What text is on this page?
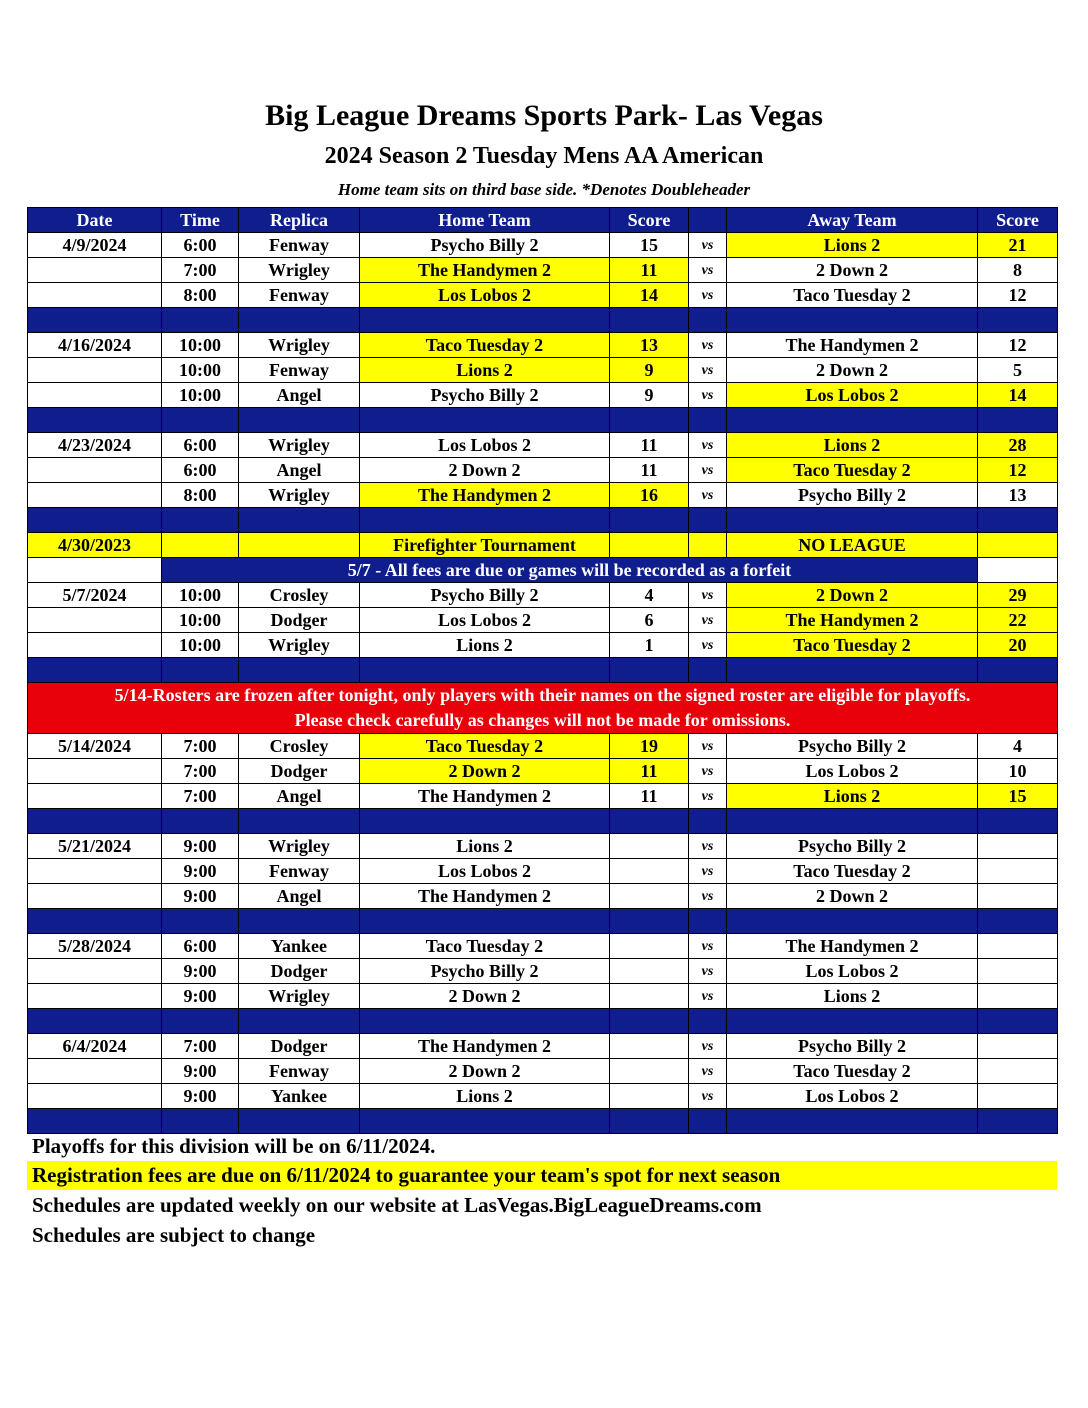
Big League Dreams Sports Park- Las Vegas
2024 Season 2 Tuesday Mens AA American
Home team sits on third base side. *Denotes Doubleheader
Date	Time	Replica	Home Team	Score		Away Team	Score
4/9/2024	6:00	Fenway	Psycho Billy 2	15	vs	Lions 2	21
	7:00	Wrigley	The Handymen 2	11	vs	2 Down 2	8
	8:00	Fenway	Los Lobos 2	14	vs	Taco Tuesday 2	12

4/16/2024	10:00	Wrigley	Taco Tuesday 2	13	vs	The Handymen 2	12
	10:00	Fenway	Lions 2	9	vs	2 Down 2	5
	10:00	Angel	Psycho Billy 2	9	vs	Los Lobos 2	14

4/23/2024	6:00	Wrigley	Los Lobos 2	11	vs	Lions 2	28
	6:00	Angel	2 Down 2	11	vs	Taco Tuesday 2	12
	8:00	Wrigley	The Handymen 2	16	vs	Psycho Billy 2	13

4/30/2023			Firefighter Tournament			NO LEAGUE	
	5/7 - All fees are due or games will be recorded as a forfeit						
5/7/2024	10:00	Crosley	Psycho Billy 2	4	vs	2 Down 2	29
	10:00	Dodger	Los Lobos 2	6	vs	The Handymen 2	22
	10:00	Wrigley	Lions 2	1	vs	Taco Tuesday 2	20

5/14-Rosters are frozen after tonight, only players with their names on the signed roster are eligible for playoffs.
Please check carefully as changes will not be made for omissions.							

5/14/2024	7:00	Crosley	Taco Tuesday 2	19	vs	Psycho Billy 2	4
	7:00	Dodger	2 Down 2	11	vs	Los Lobos 2	10
	7:00	Angel	The Handymen 2	11	vs	Lions 2	15

5/21/2024	9:00	Wrigley	Lions 2		vs	Psycho Billy 2	
	9:00	Fenway	Los Lobos 2		vs	Taco Tuesday 2	
	9:00	Angel	The Handymen 2		vs	2 Down 2	

5/28/2024	6:00	Yankee	Taco Tuesday 2		vs	The Handymen 2	
	9:00	Dodger	Psycho Billy 2		vs	Los Lobos 2	
	9:00	Wrigley	2 Down 2		vs	Lions 2	

6/4/2024	7:00	Dodger	The Handymen 2		vs	Psycho Billy 2	
	9:00	Fenway	2 Down 2		vs	Taco Tuesday 2	
	9:00	Yankee	Lions 2		vs	Los Lobos 2	

Playoffs for this division will be on 6/11/2024.
Registration fees are due on 6/11/2024 to guarantee your team's spot for next season
Schedules are updated weekly on our website at LasVegas.BigLeagueDreams.com
Schedules are subject to change
